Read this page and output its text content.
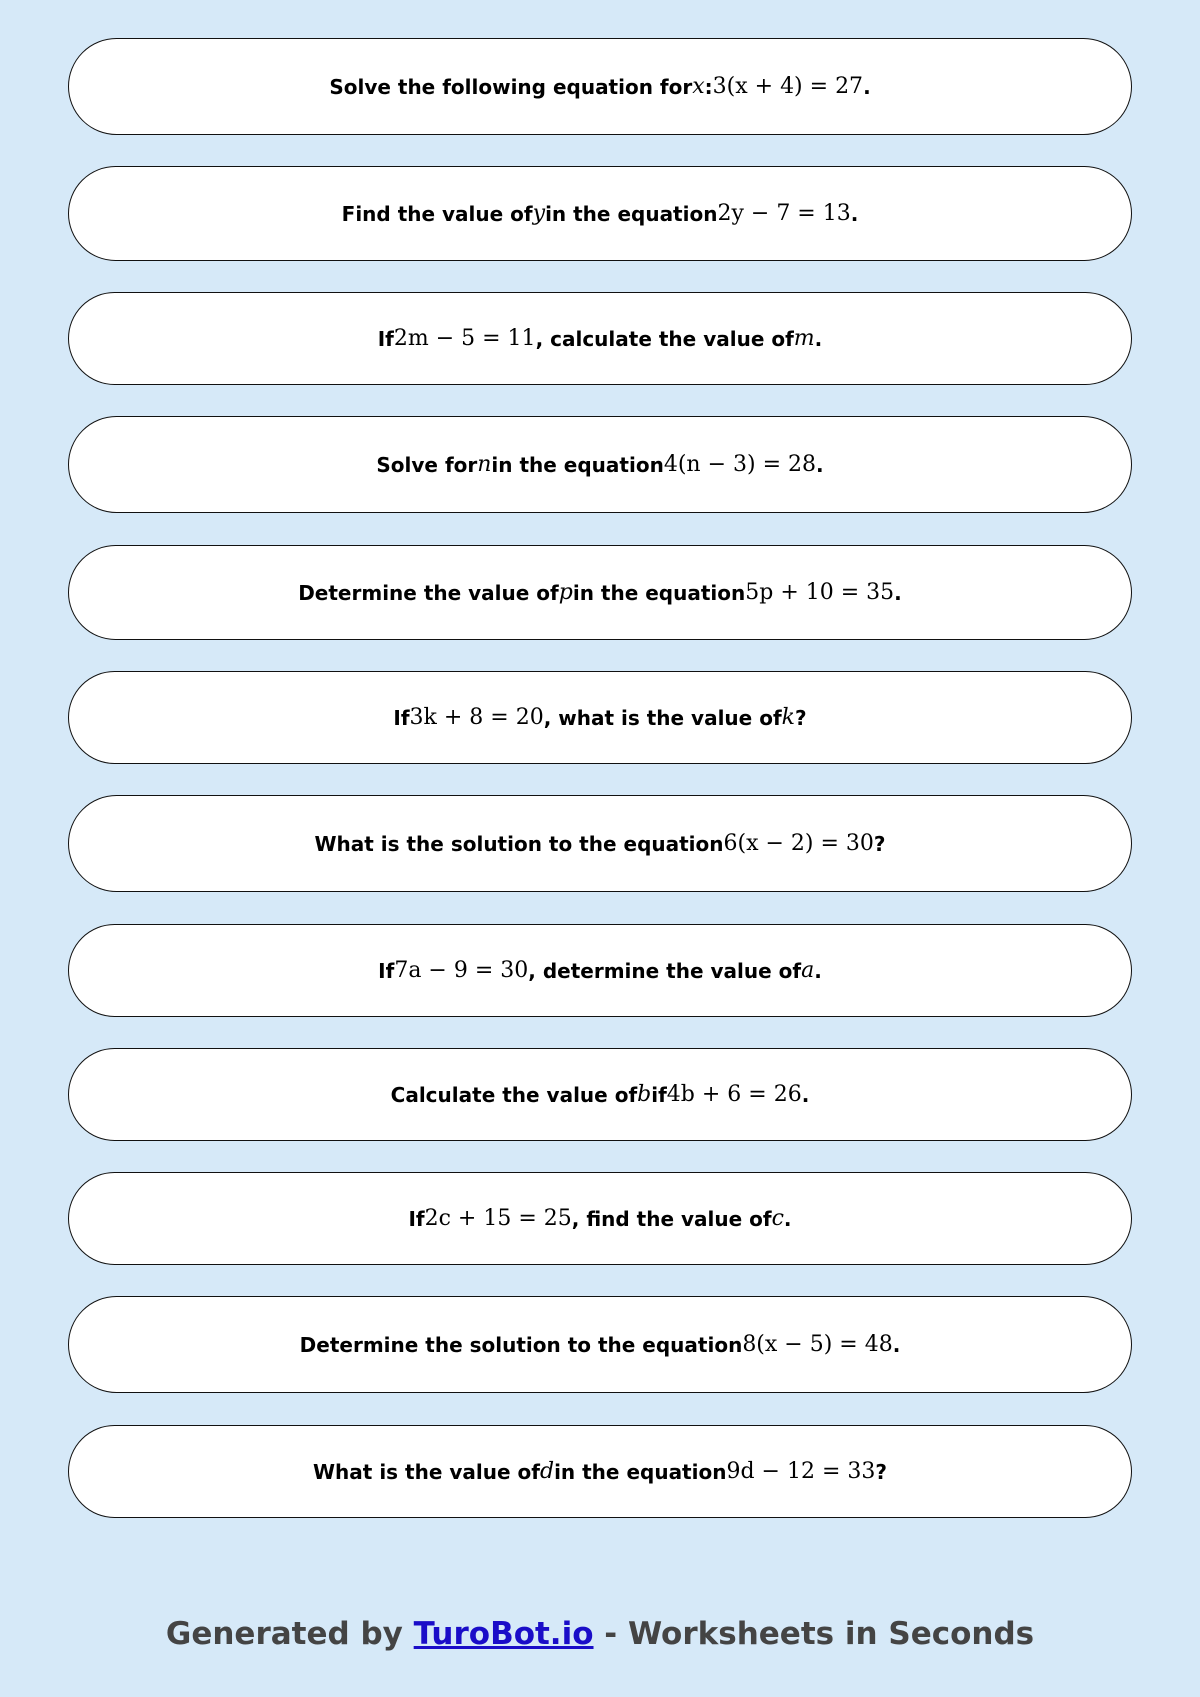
Solve the following equation for x : 3(x + 4) = 27 .
Find the value of y in the equation 2y − 7 = 13 .
If 2m − 5 = 11 , calculate the value of m .
Solve for n in the equation 4(n − 3) = 28 .
Determine the value of p in the equation 5p + 10 = 35 .
If 3k + 8 = 20 , what is the value of k ?
What is the solution to the equation 6(x − 2) = 30 ?
If 7a − 9 = 30 , determine the value of a .
Calculate the value of b if 4b + 6 = 26 .
If 2c + 15 = 25 , find the value of c .
Determine the solution to the equation 8(x − 5) = 48 .
What is the value of d in the equation 9d − 12 = 33 ?
Generated by TuroBot.io - Worksheets in Seconds
